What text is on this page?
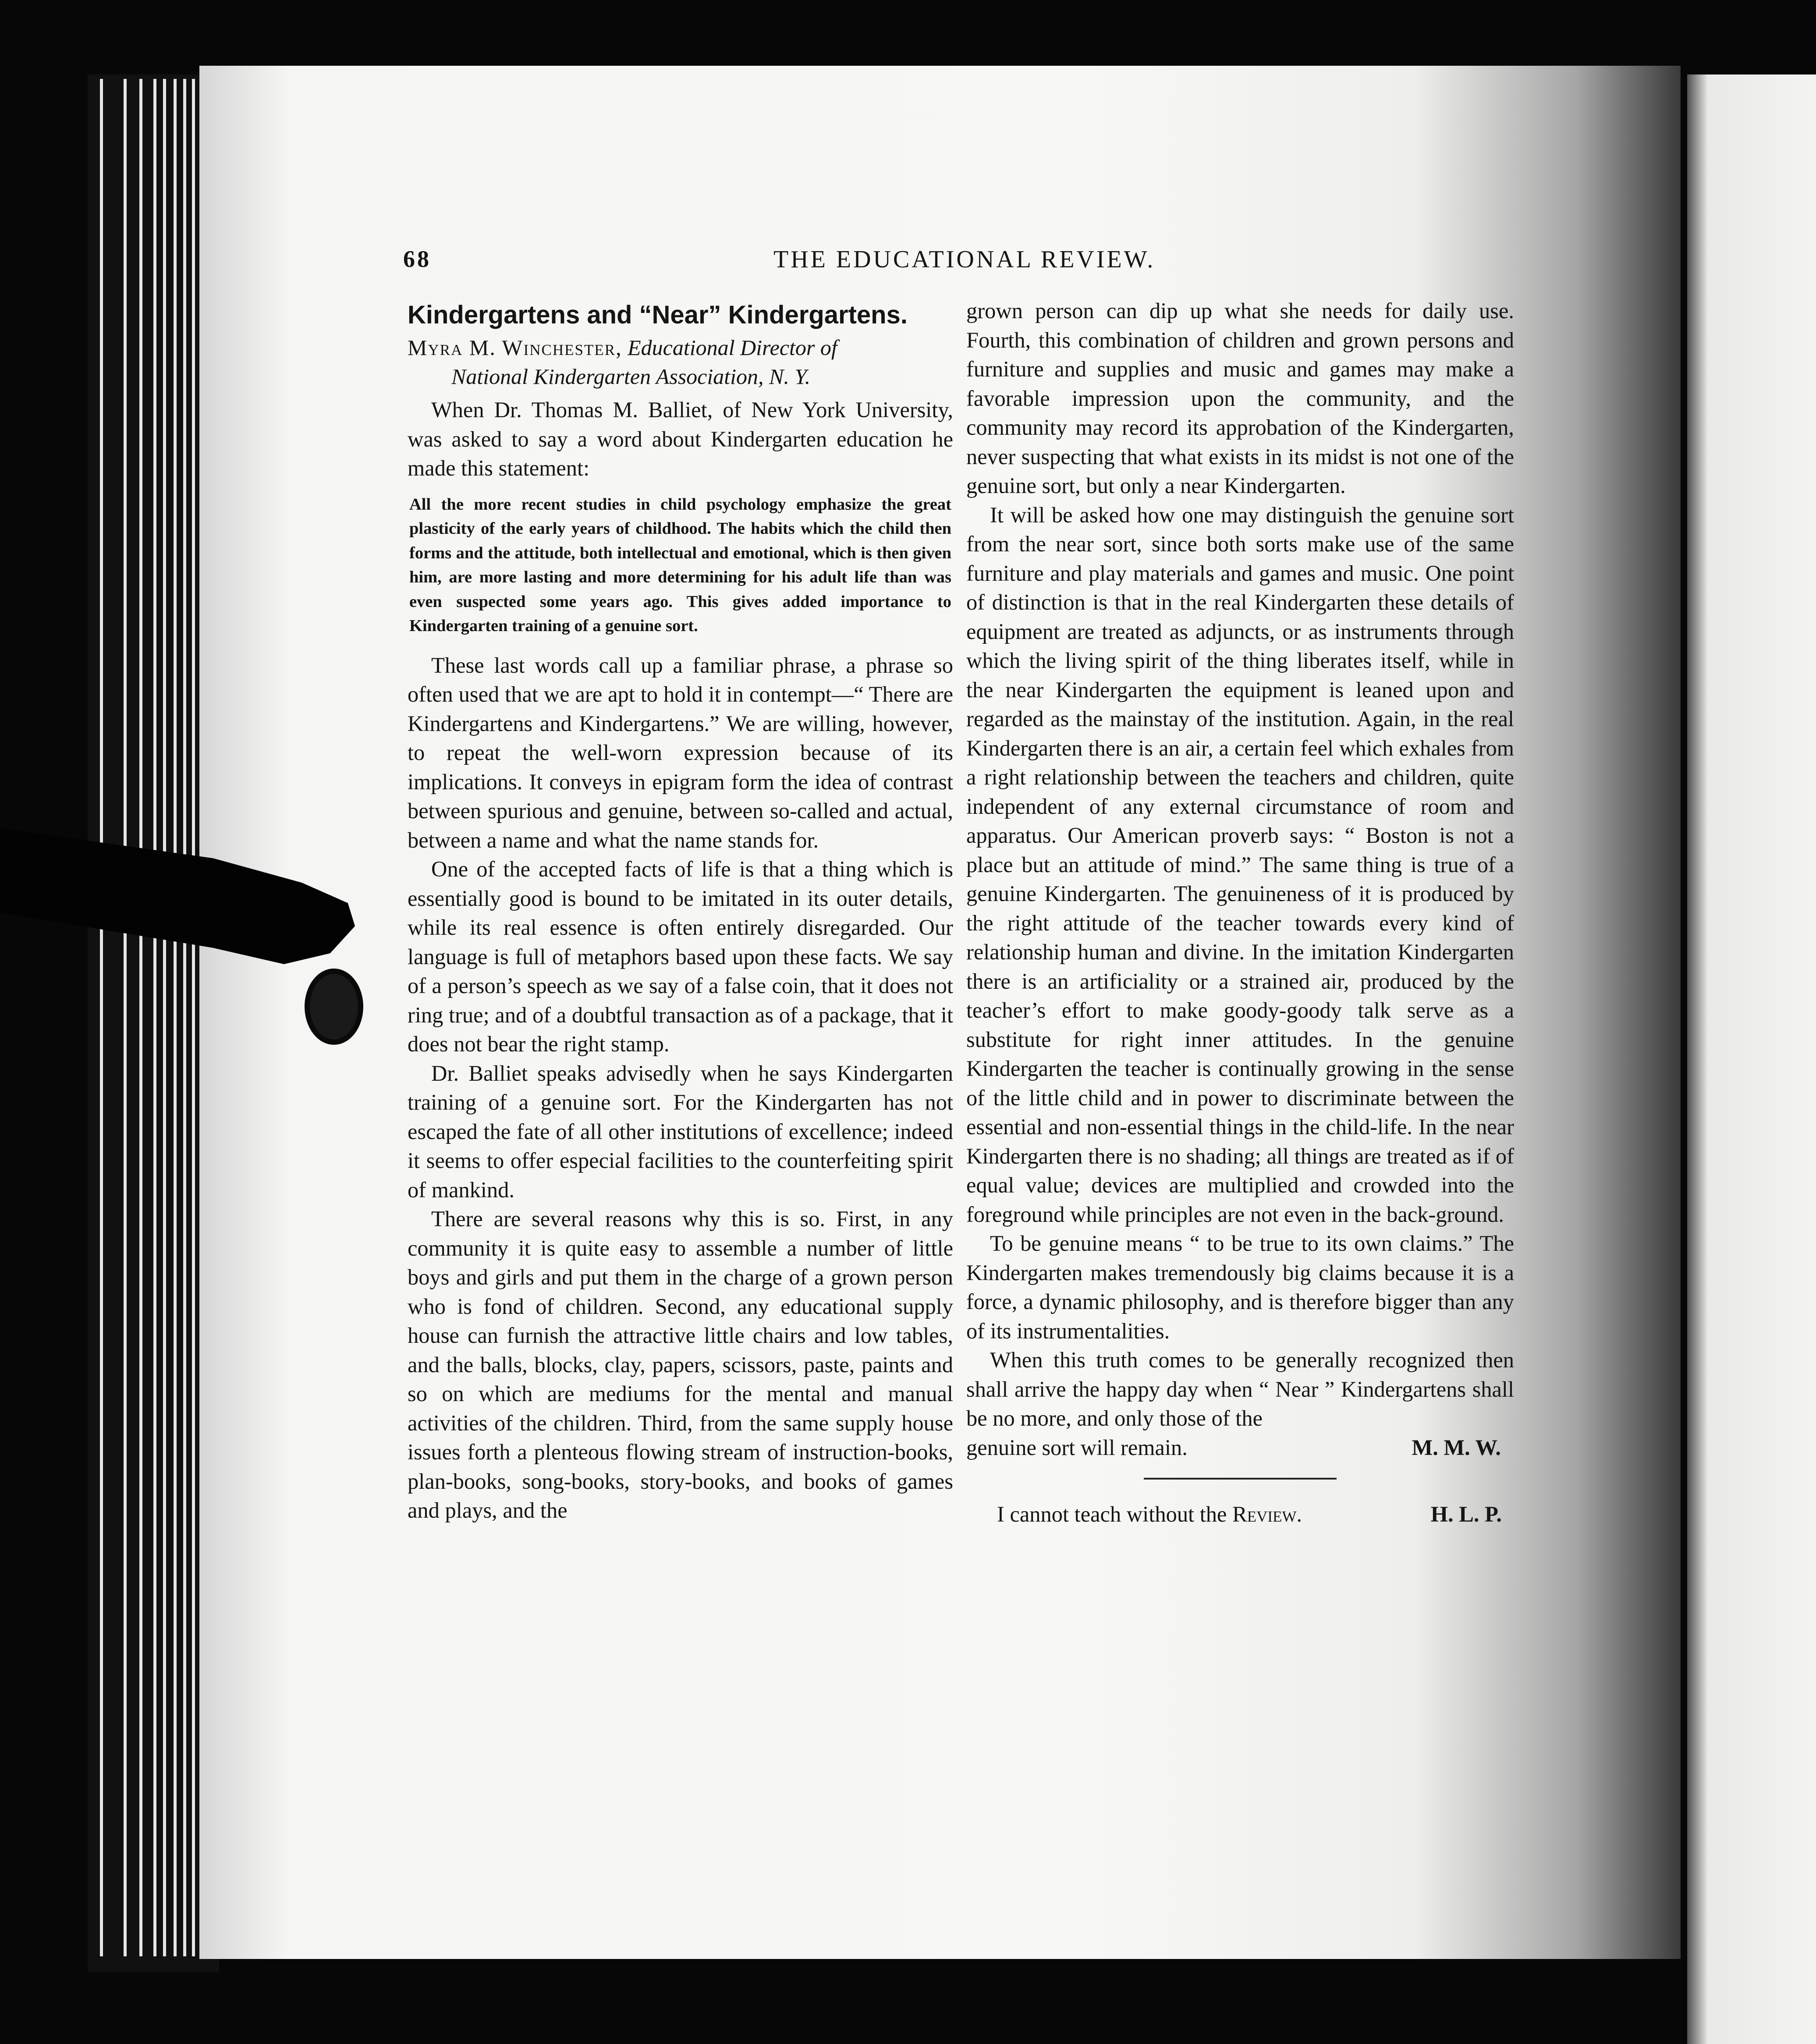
68	THE EDUCATIONAL REVIEW.
Kindergartens and “Near” Kindergartens.
Myra M. Winchester, Educational Director of
National Kindergarten Association, N. Y.

When Dr. Thomas M. Balliet, of New York University, was asked to say a word about Kindergarten education he made this statement:

All the more recent studies in child psychology emphasize the great plasticity of the early years of childhood. The habits which the child then forms and the attitude, both intellectual and emotional, which is then given him, are more lasting and more determining for his adult life than was even suspected some years ago. This gives added importance to Kindergarten training of a genuine sort.

These last words call up a familiar phrase, a phrase so often used that we are apt to hold it in contempt—“ There are Kindergartens and Kindergartens.” We are willing, however, to repeat the well-worn expression because of its implications. It conveys in epigram form the idea of contrast between spurious and genuine, between so-called and actual, between a name and what the name stands for.

One of the accepted facts of life is that a thing which is essentially good is bound to be imitated in its outer details, while its real essence is often entirely disregarded. Our language is full of metaphors based upon these facts. We say of a person’s speech as we say of a false coin, that it does not ring true; and of a doubtful transaction as of a package, that it does not bear the right stamp.

Dr. Balliet speaks advisedly when he says Kindergarten training of a genuine sort. For the Kindergarten has not escaped the fate of all other institutions of excellence; indeed it seems to offer especial facilities to the counterfeiting spirit of mankind.

There are several reasons why this is so. First, in any community it is quite easy to assemble a number of little boys and girls and put them in the charge of a grown person who is fond of children. Second, any educational supply house can furnish the attractive little chairs and low tables, and the balls, blocks, clay, papers, scissors, paste, paints and so on which are mediums for the mental and manual activities of the children. Third, from the same supply house issues forth a plenteous flowing stream of instruction-books, plan-books, song-books, story-books, and books of games and plays, and the

grown person can dip up what she needs for daily use. Fourth, this combination of children and grown persons and furniture and supplies and music and games may make a favorable impression upon the community, and the community may record its approbation of the Kindergarten, never suspecting that what exists in its midst is not one of the genuine sort, but only a near Kindergarten.

It will be asked how one may distinguish the genuine sort from the near sort, since both sorts make use of the same furniture and play materials and games and music. One point of distinction is that in the real Kindergarten these details of equipment are treated as adjuncts, or as instruments through which the living spirit of the thing liberates itself, while in the near Kindergarten the equipment is leaned upon and regarded as the mainstay of the institution. Again, in the real Kindergarten there is an air, a certain feel which exhales from a right relationship between the teachers and children, quite independent of any external circumstance of room and apparatus. Our American proverb says: “ Boston is not a place but an attitude of mind.” The same thing is true of a genuine Kindergarten. The genuineness of it is produced by the right attitude of the teacher towards every kind of relationship human and divine. In the imitation Kindergarten there is an artificiality or a strained air, produced by the teacher’s effort to make goody-goody talk serve as a substitute for right inner attitudes. In the genuine Kindergarten the teacher is continually growing in the sense of the little child and in power to discriminate between the essential and non-essential things in the child-life. In the near Kindergarten there is no shading; all things are treated as if of equal value; devices are multiplied and crowded into the foreground while principles are not even in the back-ground.

To be genuine means “ to be true to its own claims.” The Kindergarten makes tremendously big claims because it is a force, a dynamic philosophy, and is therefore bigger than any of its instrumentalities.

When this truth comes to be generally recognized then shall arrive the happy day when “ Near ” Kindergartens shall be no more, and only those of the

genuine sort will remain.	M. M. W.
I cannot teach without the Review.	H. L. P.
